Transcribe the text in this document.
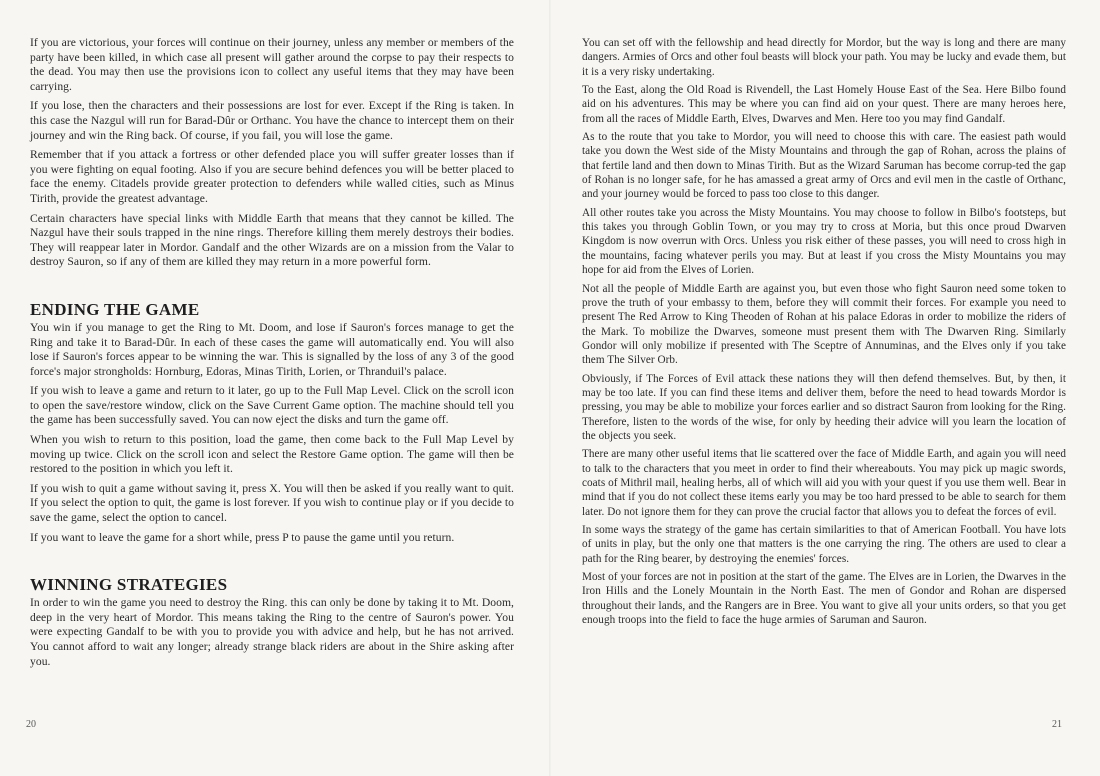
If you are victorious, your forces will continue on their journey, unless any member or members of the party have been killed, in which case all present will gather around the corpse to pay their respects to the dead. You may then use the provisions icon to collect any useful items that they may have been carrying.

If you lose, then the characters and their possessions are lost for ever. Except if the Ring is taken. In this case the Nazgul will run for Barad-Dûr or Orthanc. You have the chance to intercept them on their journey and win the Ring back. Of course, if you fail, you will lose the game.

Remember that if you attack a fortress or other defended place you will suffer greater losses than if you were fighting on equal footing. Also if you are secure behind defences you will be better placed to face the enemy. Citadels provide greater protection to defenders while walled cities, such as Minus Tirith, provide the greatest advantage.

Certain characters have special links with Middle Earth that means that they cannot be killed. The Nazgul have their souls trapped in the nine rings. Therefore killing them merely destroys their bodies. They will reappear later in Mordor. Gandalf and the other Wizards are on a mission from the Valar to destroy Sauron, so if any of them are killed they may return in a more powerful form.

ENDING THE GAME

You win if you manage to get the Ring to Mt. Doom, and lose if Sauron's forces manage to get the Ring and take it to Barad-Dûr. In each of these cases the game will automatically end. You will also lose if Sauron's forces appear to be winning the war. This is signalled by the loss of any 3 of the good force's major strongholds: Hornburg, Edoras, Minas Tirith, Lorien, or Thranduil's palace.

If you wish to leave a game and return to it later, go up to the Full Map Level. Click on the scroll icon to open the save/restore window, click on the Save Current Game option. The machine should tell you the game has been successfully saved. You can now eject the disks and turn the game off.

When you wish to return to this position, load the game, then come back to the Full Map Level by moving up twice. Click on the scroll icon and select the Restore Game option. The game will then be restored to the position in which you left it.

If you wish to quit a game without saving it, press X. You will then be asked if you really want to quit. If you select the option to quit, the game is lost forever. If you wish to continue play or if you decide to save the game, select the option to cancel.

If you want to leave the game for a short while, press P to pause the game until you return.

WINNING STRATEGIES

In order to win the game you need to destroy the Ring. this can only be done by taking it to Mt. Doom, deep in the very heart of Mordor. This means taking the Ring to the centre of Sauron's power. You were expecting Gandalf to be with you to provide you with advice and help, but he has not arrived. You cannot afford to wait any longer; already strange black riders are about in the Shire asking after you.

20

You can set off with the fellowship and head directly for Mordor, but the way is long and there are many dangers. Armies of Orcs and other foul beasts will block your path. You may be lucky and evade them, but it is a very risky undertaking.

To the East, along the Old Road is Rivendell, the Last Homely House East of the Sea. Here Bilbo found aid on his adventures. This may be where you can find aid on your quest. There are many heroes here, from all the races of Middle Earth, Elves, Dwarves and Men. Here too you may find Gandalf.

As to the route that you take to Mordor, you will need to choose this with care. The easiest path would take you down the West side of the Misty Mountains and through the gap of Rohan, across the plains of that fertile land and then down to Minas Tirith. But as the Wizard Saruman has become corrup-ted the gap of Rohan is no longer safe, for he has amassed a great army of Orcs and evil men in the castle of Orthanc, and your journey would be forced to pass too close to this danger.

All other routes take you across the Misty Mountains. You may choose to follow in Bilbo's footsteps, but this takes you through Goblin Town, or you may try to cross at Moria, but this once proud Dwarven Kingdom is now overrun with Orcs. Unless you risk either of these passes, you will need to cross high in the mountains, facing whatever perils you may. But at least if you cross the Misty Mountains you may hope for aid from the Elves of Lorien.

Not all the people of Middle Earth are against you, but even those who fight Sauron need some token to prove the truth of your embassy to them, before they will commit their forces. For example you need to present The Red Arrow to King Theoden of Rohan at his palace Edoras in order to mobilize the riders of the Mark. To mobilize the Dwarves, someone must present them with The Dwarven Ring. Similarly Gondor will only mobilize if presented with The Sceptre of Annuminas, and the Elves only if you take them The Silver Orb.

Obviously, if The Forces of Evil attack these nations they will then defend themselves. But, by then, it may be too late. If you can find these items and deliver them, before the need to head towards Mordor is pressing, you may be able to mobilize your forces earlier and so distract Sauron from looking for the Ring. Therefore, listen to the words of the wise, for only by heeding their advice will you learn the location of the objects you seek.

There are many other useful items that lie scattered over the face of Middle Earth, and again you will need to talk to the characters that you meet in order to find their whereabouts. You may pick up magic swords, coats of Mithril mail, healing herbs, all of which will aid you with your quest if you use them well. Bear in mind that if you do not collect these items early you may be too hard pressed to be able to search for them later. Do not ignore them for they can prove the crucial factor that allows you to defeat the forces of evil.

In some ways the strategy of the game has certain similarities to that of American Football. You have lots of units in play, but the only one that matters is the one carrying the ring. The others are used to clear a path for the Ring bearer, by destroying the enemies' forces.

Most of your forces are not in position at the start of the game. The Elves are in Lorien, the Dwarves in the Iron Hills and the Lonely Mountain in the North East. The men of Gondor and Rohan are dispersed throughout their lands, and the Rangers are in Bree. You want to give all your units orders, so that you get enough troops into the field to face the huge armies of Saruman and Sauron.

21
